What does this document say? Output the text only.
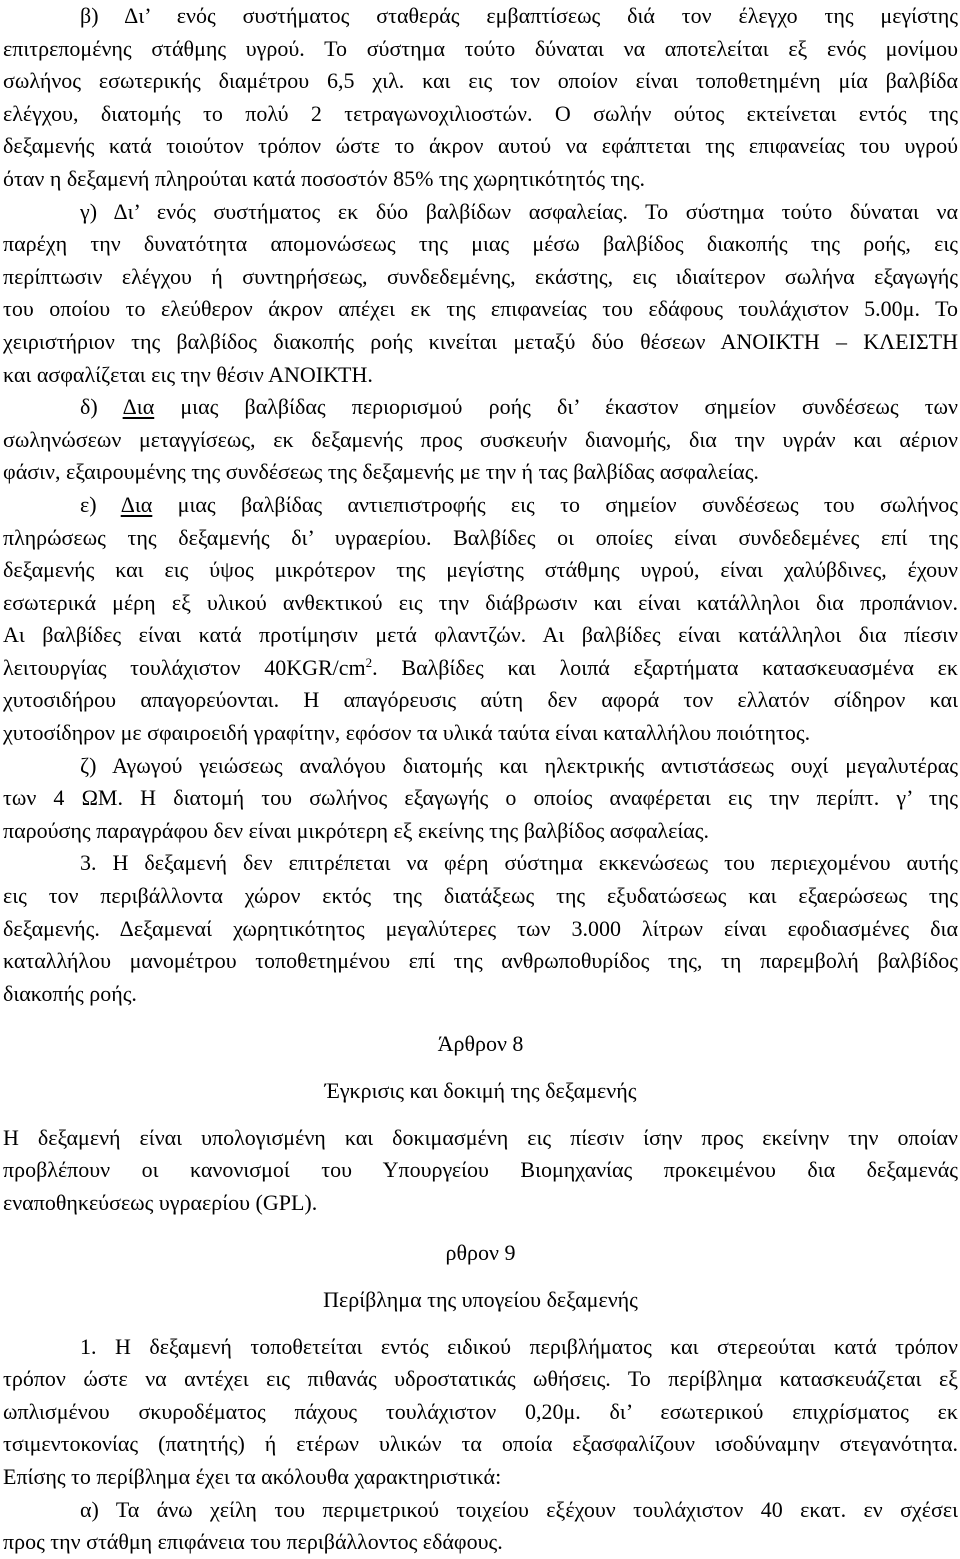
β) Δι’ ενός συστήματος σταθεράς εμβαπτίσεως διά τον έλεγχο της μεγίστης
επιτρεπομένης στάθμης υγρού. Το σύστημα τούτο δύναται να αποτελείται εξ ενός μονίμου
σωλήνος εσωτερικής διαμέτρου 6,5 χιλ. και εις τον οποίον είναι τοποθετημένη μία βαλβίδα
ελέγχου, διατομής το πολύ 2 τετραγωνοχιλιοστών. Ο σωλήν ούτος εκτείνεται εντός της
δεξαμενής κατά τοιούτον τρόπον ώστε το άκρον αυτού να εφάπτεται της επιφανείας του υγρού
όταν η δεξαμενή πληρούται κατά ποσοστόν 85% της χωρητικότητός της.
γ) Δι’ ενός συστήματος εκ δύο βαλβίδων ασφαλείας. Το σύστημα τούτο δύναται να
παρέχη την δυνατότητα απομονώσεως της μιας μέσω βαλβίδος διακοπής της ροής, εις
περίπτωσιν ελέγχου ή συντηρήσεως, συνδεδεμένης, εκάστης, εις ιδιαίτερον σωλήνα εξαγωγής
του οποίου το ελεύθερον άκρον απέχει εκ της επιφανείας του εδάφους τουλάχιστον 5.00μ. Το
χειριστήριον της βαλβίδος διακοπής ροής κινείται μεταξύ δύο θέσεων ΑΝΟΙΚΤΗ – ΚΛΕΙΣΤΗ
και ασφαλίζεται εις την θέσιν ΑΝΟΙΚΤΗ.
δ) Δια μιας βαλβίδας περιορισμού ροής δι’ έκαστον σημείον συνδέσεως των
σωληνώσεων μεταγγίσεως, εκ δεξαμενής προς συσκευήν διανομής, δια την υγράν και αέριον
φάσιν, εξαιρουμένης της συνδέσεως της δεξαμενής με την ή τας βαλβίδας ασφαλείας.
ε) Δια μιας βαλβίδας αντιεπιστροφής εις το σημείον συνδέσεως του σωλήνος
πληρώσεως της δεξαμενής δι’ υγραερίου. Βαλβίδες οι οποίες είναι συνδεδεμένες επί της
δεξαμενής και εις ύψος μικρότερον της μεγίστης στάθμης υγρού, είναι χαλύβδινες, έχουν
εσωτερικά μέρη εξ υλικού ανθεκτικού εις την διάβρωσιν και είναι κατάλληλοι δια προπάνιον.
Αι βαλβίδες είναι κατά προτίμησιν μετά φλαντζών. Αι βαλβίδες είναι κατάλληλοι δια πίεσιν
λειτουργίας τουλάχιστον $40KGR/cm^2$. Βαλβίδες και λοιπά εξαρτήματα κατασκευασμένα εκ
χυτοσιδήρου απαγορεύονται. Η απαγόρευσις αύτη δεν αφορά τον ελλατόν σίδηρον και
χυτοσίδηρον με σφαιροειδή γραφίτην, εφόσον τα υλικά ταύτα είναι καταλλήλου ποιότητος.
ζ) Αγωγού γειώσεως αναλόγου διατομής και ηλεκτρικής αντιστάσεως ουχί μεγαλυτέρας
των 4 ΩΜ. Η διατομή του σωλήνος εξαγωγής ο οποίος αναφέρεται εις την περίπτ. γ’ της
παρούσης παραγράφου δεν είναι μικρότερη εξ εκείνης της βαλβίδος ασφαλείας.
3. Η δεξαμενή δεν επιτρέπεται να φέρη σύστημα εκκενώσεως του περιεχομένου αυτής
εις τον περιβάλλοντα χώρον εκτός της διατάξεως της εξυδατώσεως και εξαερώσεως της
δεξαμενής. Δεξαμεναί χωρητικότητος μεγαλύτερες των 3.000 λίτρων είναι εφοδιασμένες δια
καταλλήλου μανομέτρου τοποθετημένου επί της ανθρωποθυρίδος της, τη παρεμβολή βαλβίδος
διακοπής ροής.
Άρθρον 8
Έγκρισις και δοκιμή της δεξαμενής
Η δεξαμενή είναι υπολογισμένη και δοκιμασμένη εις πίεσιν ίσην προς εκείνην την οποίαν
προβλέπουν οι κανονισμοί του Υπουργείου Βιομηχανίας προκειμένου δια δεξαμενάς
εναποθηκεύσεως υγραερίου (GPL).
ρθρον 9
Περίβλημα της υπογείου δεξαμενής
1. Η δεξαμενή τοποθετείται εντός ειδικού περιβλήματος και στερεούται κατά τρόπον
τρόπον ώστε να αντέχει εις πιθανάς υδροστατικάς ωθήσεις. Το περίβλημα κατασκευάζεται εξ
ωπλισμένου σκυροδέματος πάχους τουλάχιστον 0,20μ. δι’ εσωτερικού επιχρίσματος εκ
τσιμεντοκονίας (πατητής) ή ετέρων υλικών τα οποία εξασφαλίζουν ισοδύναμην στεγανότητα.
Επίσης το περίβλημα έχει τα ακόλουθα χαρακτηριστικά:
α) Τα άνω χείλη του περιμετρικού τοιχείου εξέχουν τουλάχιστον 40 εκατ. εν σχέσει
προς την στάθμη επιφάνεια του περιβάλλοντος εδάφους.
